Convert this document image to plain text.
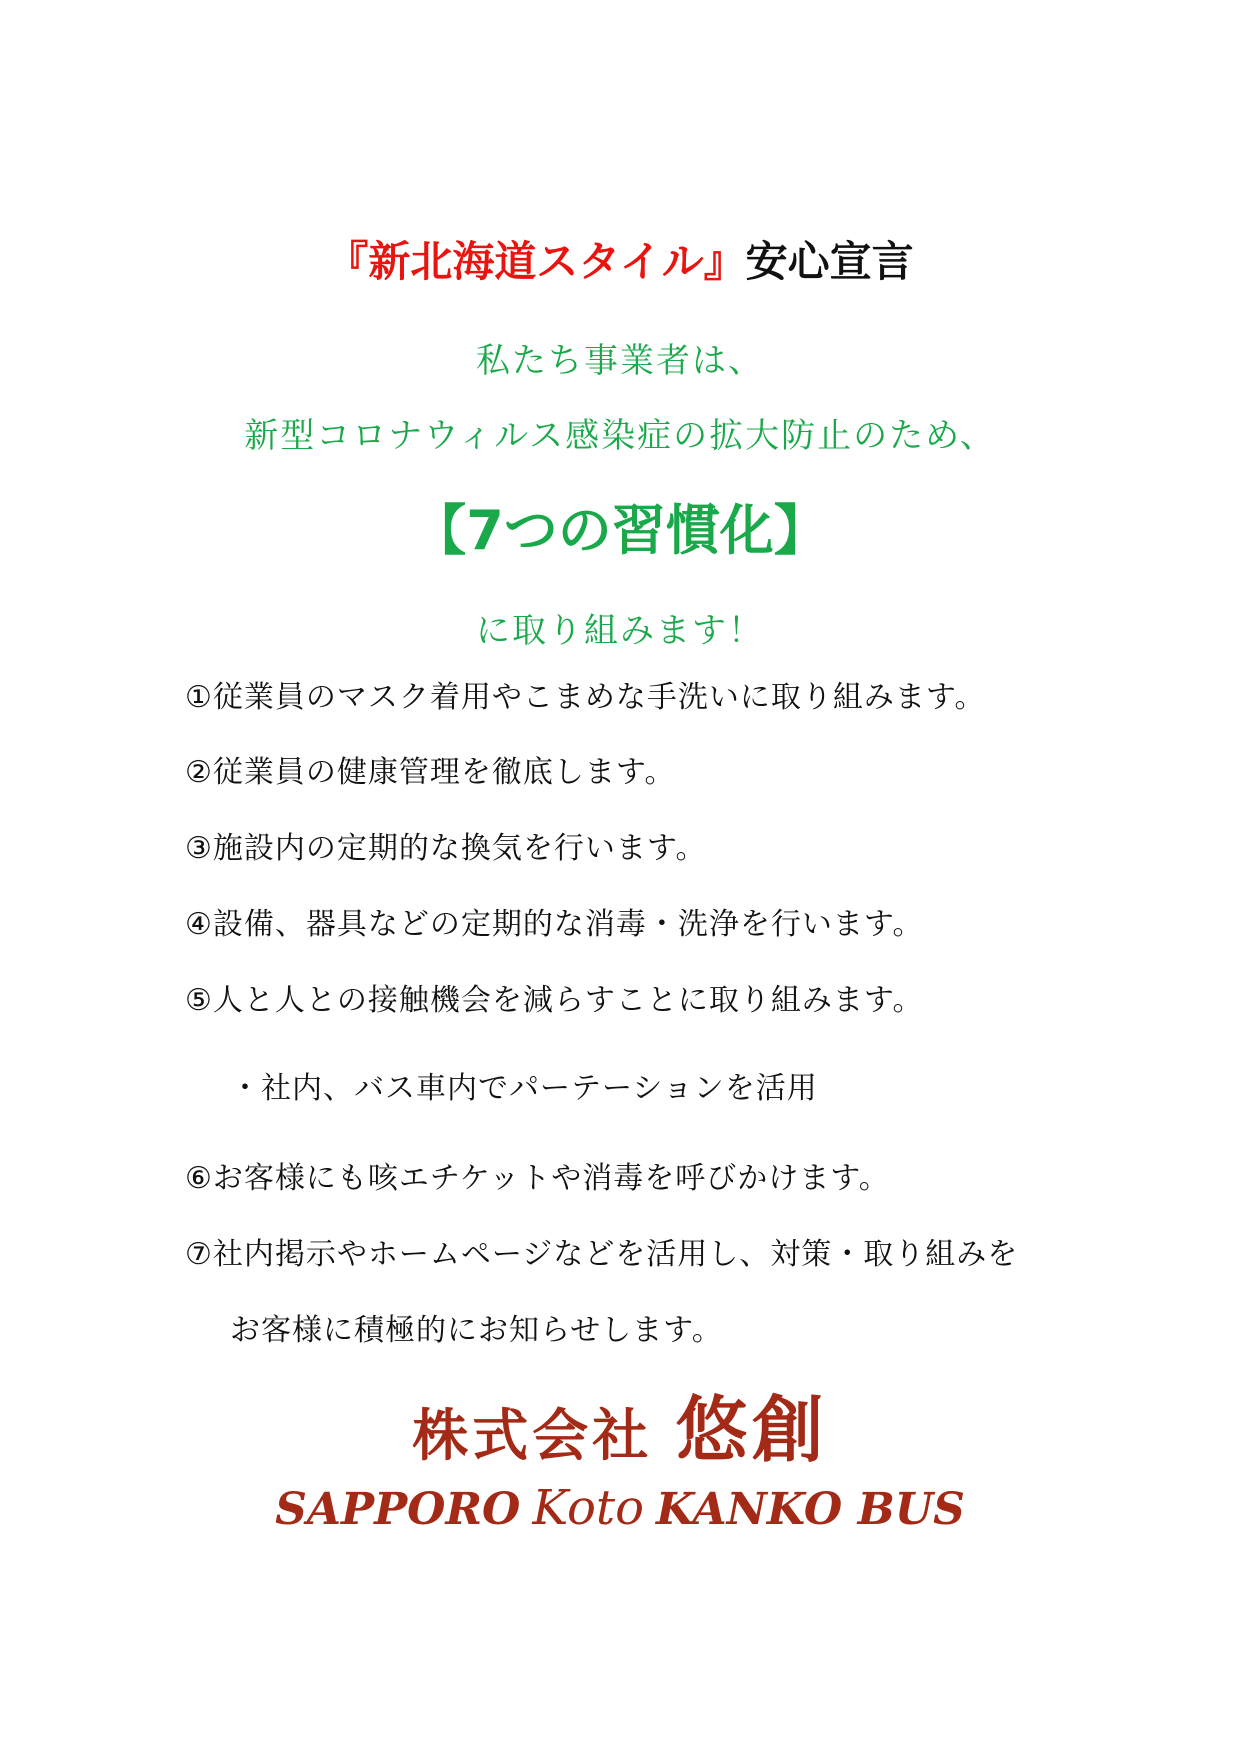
『新北海道スタイル』安心宣言
私たち事業者は、
新型コロナウィルス感染症の拡大防止のため、
【7つの習慣化】
に取り組みます！
①従業員のマスク着用やこまめな手洗いに取り組みます。
②従業員の健康管理を徹底します。
③施設内の定期的な換気を行います。
④設備、器具などの定期的な消毒・洗浄を行います。
⑤人と人との接触機会を減らすことに取り組みます。
・社内、バス車内でパーテーションを活用
⑥お客様にも咳エチケットや消毒を呼びかけます。
⑦社内掲示やホームページなどを活用し、対策・取り組みを
お客様に積極的にお知らせします。
株式会社 悠創
SAPPORO Koto KANKO BUS
